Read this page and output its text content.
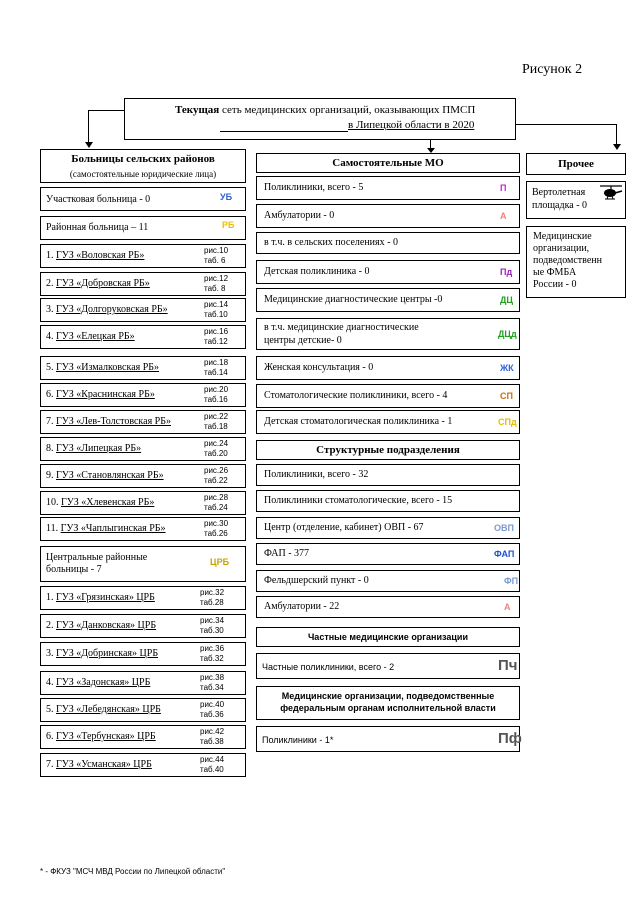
Рисунок 2
Текущая сеть медицинских организаций, оказывающих ПМСП
в Липецкой области в 2020
Больницы сельских районов
(самостоятельные юридические лица)
Участковая больница - 0	УБ
Районная больница – 11	РБ
Центральные районные
больницы - 7
ЦРБ
Самостоятельные МО
Структурные подразделения
Частные медицинские организации
Частные поликлиники, всего - 2	Пч
Медицинские организации, подведомственные
федеральным органам исполнительной власти
Поликлиники - 1*	Пф
Прочее
Вертолетная
площадка - 0
Медицинские
организации,
подведомственн
ые ФМБА
России - 0
* - ФКУЗ "МСЧ МВД России по Липецкой области"
1. ГУЗ «Воловская РБ»	рис.10
таб. 6
2. ГУЗ «Добровская РБ»	рис.12
таб. 8
3. ГУЗ «Долгоруковская РБ»	рис.14
таб.10
4. ГУЗ «Елецкая РБ»	рис.16
таб.12
5. ГУЗ «Измалковская РБ»	рис.18
таб.14
6. ГУЗ «Краснинская РБ»	рис.20
таб.16
7. ГУЗ «Лев-Толстовская РБ»	рис.22
таб.18
8. ГУЗ «Липецкая РБ»	рис.24
таб.20
9. ГУЗ «Становлянская РБ»	рис.26
таб.22
10. ГУЗ «Хлевенская РБ»	рис.28
таб.24
11. ГУЗ «Чаплыгинская РБ»	рис.30
таб.26
1. ГУЗ «Грязинская» ЦРБ	рис.32
таб.28
2. ГУЗ «Данковская» ЦРБ	рис.34
таб.30
3. ГУЗ «Добринская» ЦРБ	рис.36
таб.32
4. ГУЗ «Задонская» ЦРБ	рис.38
таб.34
5. ГУЗ «Лебедянская» ЦРБ	рис.40
таб.36
6. ГУЗ «Тербунская» ЦРБ	рис.42
таб.38
7. ГУЗ «Усманская» ЦРБ	рис.44
таб.40
Поликлиники, всего - 5	П
Амбулатории - 0	А
в т.ч. в сельских поселениях - 0
Детская поликлиника - 0	Пд
Медицинские диагностические центры -0	ДЦ
в т.ч. медицинские диагностические
центры детские- 0
ДЦд
Женская консультация - 0	ЖК
Стоматологические поликлиники, всего - 4	СП
Детская стоматологическая поликлиника - 1	СПд
Поликлиники, всего - 32
Поликлиники стоматологические, всего - 15
Центр (отделение, кабинет) ОВП - 67	ОВП
ФАП - 377	ФАП
Фельдшерский пункт - 0	ФП
Амбулатории - 22	А
